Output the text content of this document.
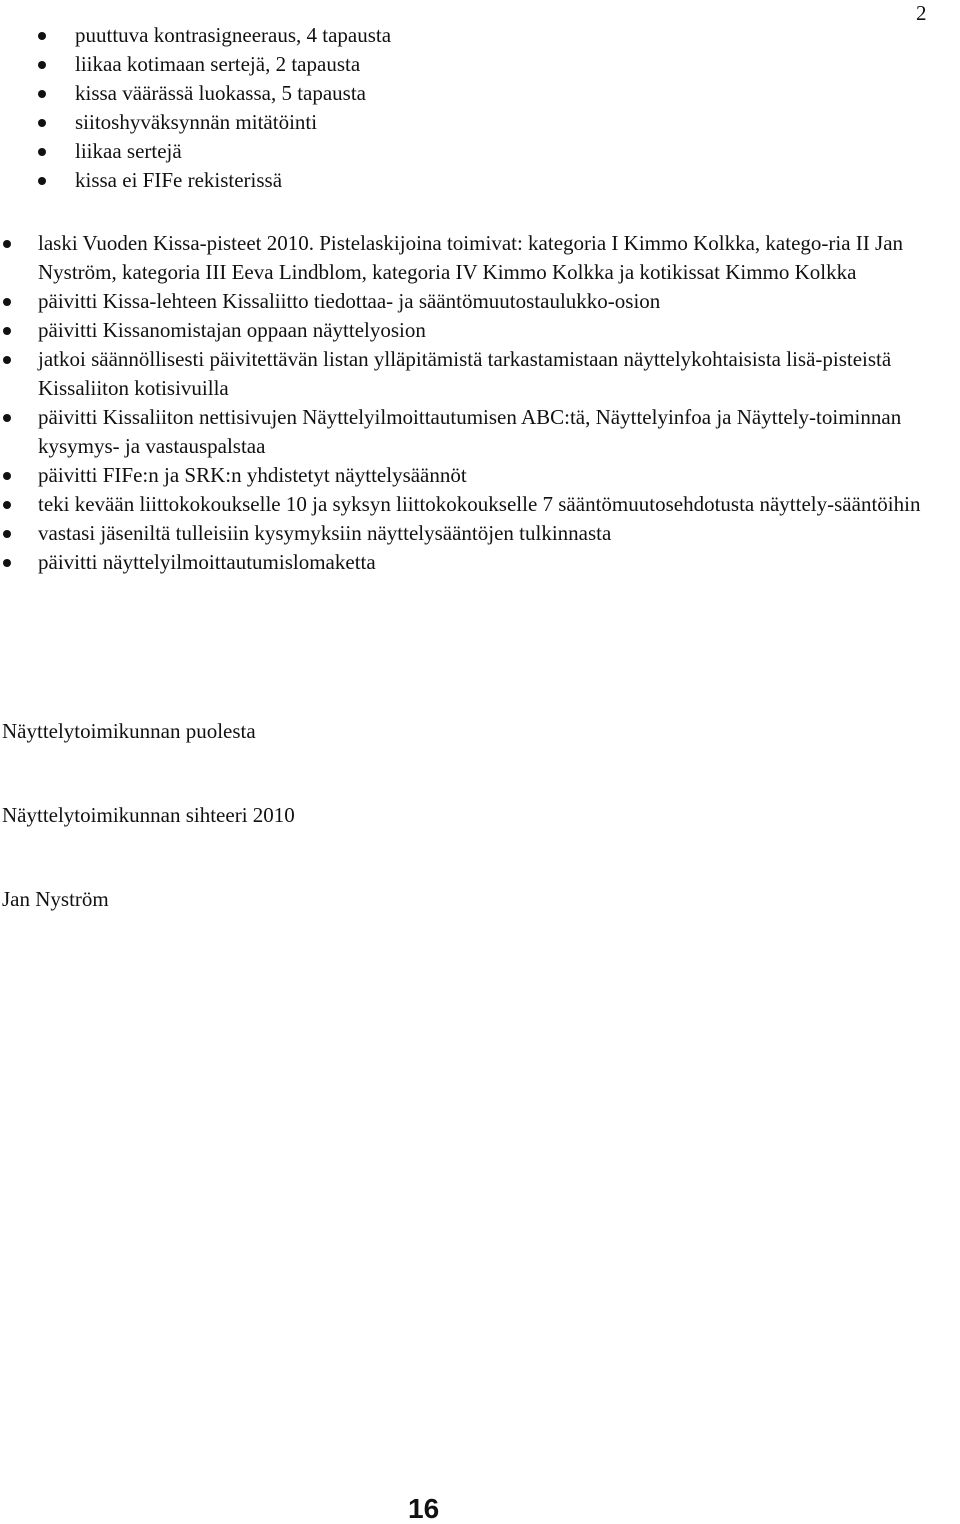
2
puuttuva kontrasigneeraus, 4 tapausta
liikaa kotimaan sertejä, 2 tapausta
kissa väärässä luokassa, 5 tapausta
siitoshyväksynnän mitätöinti
liikaa sertejä
kissa ei FIFe rekisterissä
laski Vuoden Kissa-pisteet 2010. Pistelaskijoina toimivat: kategoria I Kimmo Kolkka, katego-ria II Jan Nyström, kategoria III Eeva Lindblom, kategoria IV Kimmo Kolkka ja kotikissat Kimmo Kolkka
päivitti Kissa-lehteen Kissaliitto tiedottaa- ja sääntömuutostaulukko-osion
päivitti Kissanomistajan oppaan näyttelyosion
jatkoi säännöllisesti päivitettävän listan ylläpitämistä tarkastamistaan näyttelykohtaisista lisä-pisteistä Kissaliiton kotisivuilla
päivitti Kissaliiton nettisivujen Näyttelyilmoittautumisen ABC:tä, Näyttelyinfoa ja Näyttely-toiminnan kysymys- ja vastauspalstaa
päivitti FIFe:n ja SRK:n yhdistetyt näyttelysäännöt
teki kevään liittokokoukselle 10 ja syksyn liittokokoukselle 7 sääntömuutosehdotusta näyttely-sääntöihin
vastasi jäseniltä tulleisiin kysymyksiin näyttelysääntöjen tulkinnasta
päivitti näyttelyilmoittautumislomaketta
Näyttelytoimikunnan puolesta
Näyttelytoimikunnan sihteeri 2010
Jan Nyström
16
